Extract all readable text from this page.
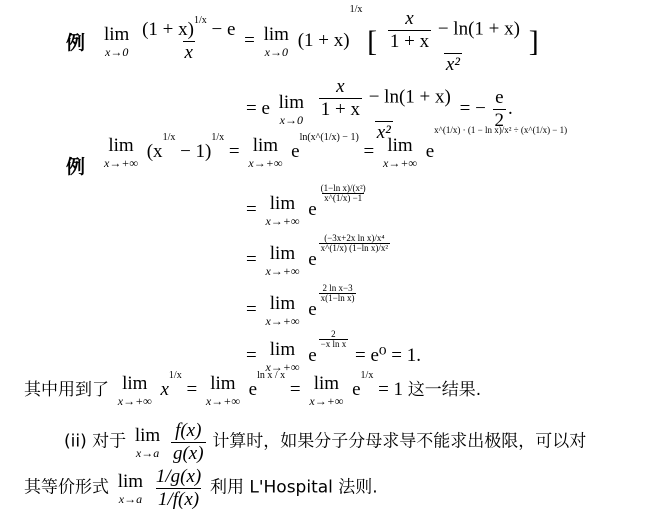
例 lim
x→0
$\frac{(1 + x)^{1/x} - e}{x} = \lim$
x→0
$(1 + x)^{1/x}$ [ $\frac{\frac{x}{1 + x} - \ln(1 + x)}{\text{x²}}$ ]
= e lim
x→0
$\frac{\frac{x}{1 + x} - \ln(1 + x)}{\text{x²}}$ = − $\frac{e}{2}$ .
例
lim
x→+∞
$(x^{1/x} - 1)^{1/x} = \lim$
x→+∞
$e^{ln(x\^{}(1/x) - 1)} = \lim$
x→+∞
ex^(1/x) · (1 − ln x)/x² ÷ (x^(1/x) − 1)
= lim
x→+∞
e
$\frac{\text{(1−ln x)/(x²)}}{x\^{}(1/x) -1}$
= lim
x→+∞
e
$\frac{\text{(−3x+2x ln x)/x⁴}}{\text{x\textasciicircum{}(1/x) (1−ln x)/x²}}$
= lim
x→+∞
e
$\frac{\text{2 ln x−3}}{\text{x(1−ln x)}}$
= lim
x→+∞
e
$\frac{2}{\text{−x ln x}}$
= e⁰ = 1.
其中用到了 lim
x→+∞
$x^{1/x} = \lim$
x→+∞
$e^{ln x / x} = \lim$
x→+∞
$e^{1/x} = 1$ 这一结果.
(ii) 对于 lim
x→a
$\frac{f(x)}{g(x)}$ 计算时，如果分子分母求导不能求出极限，可以对
其等价形式 lim
x→a
$\frac{1/g(x)}{1/f(x)}$ 利用 L'Hospital 法则.
